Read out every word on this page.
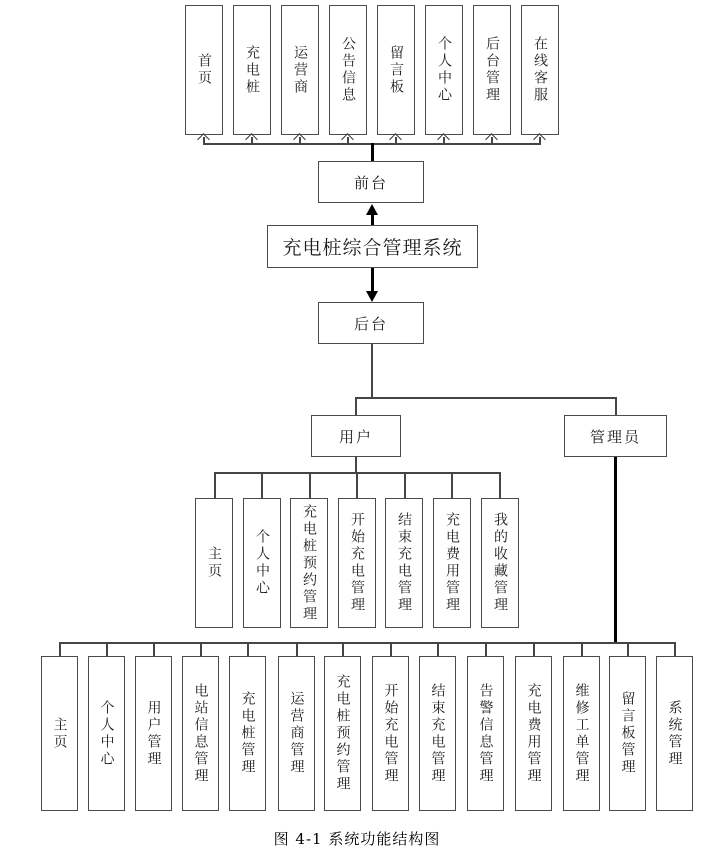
首页	充电桩	运营商	公告信息	留言板	个人中心	后台管理	在线客服
前台
充电桩综合管理系统
后台
用户	管理员
主页	个人中心	充电桩预约管理	开始充电管理	结束充电管理	充电费用管理	我的收藏管理
主页	个人中心	用户管理	电站信息管理	充电桩管理	运营商管理	充电桩预约管理	开始充电管理	结束充电管理	告警信息管理	充电费用管理	维修工单管理	留言板管理	系统管理
图 4-1 系统功能结构图
